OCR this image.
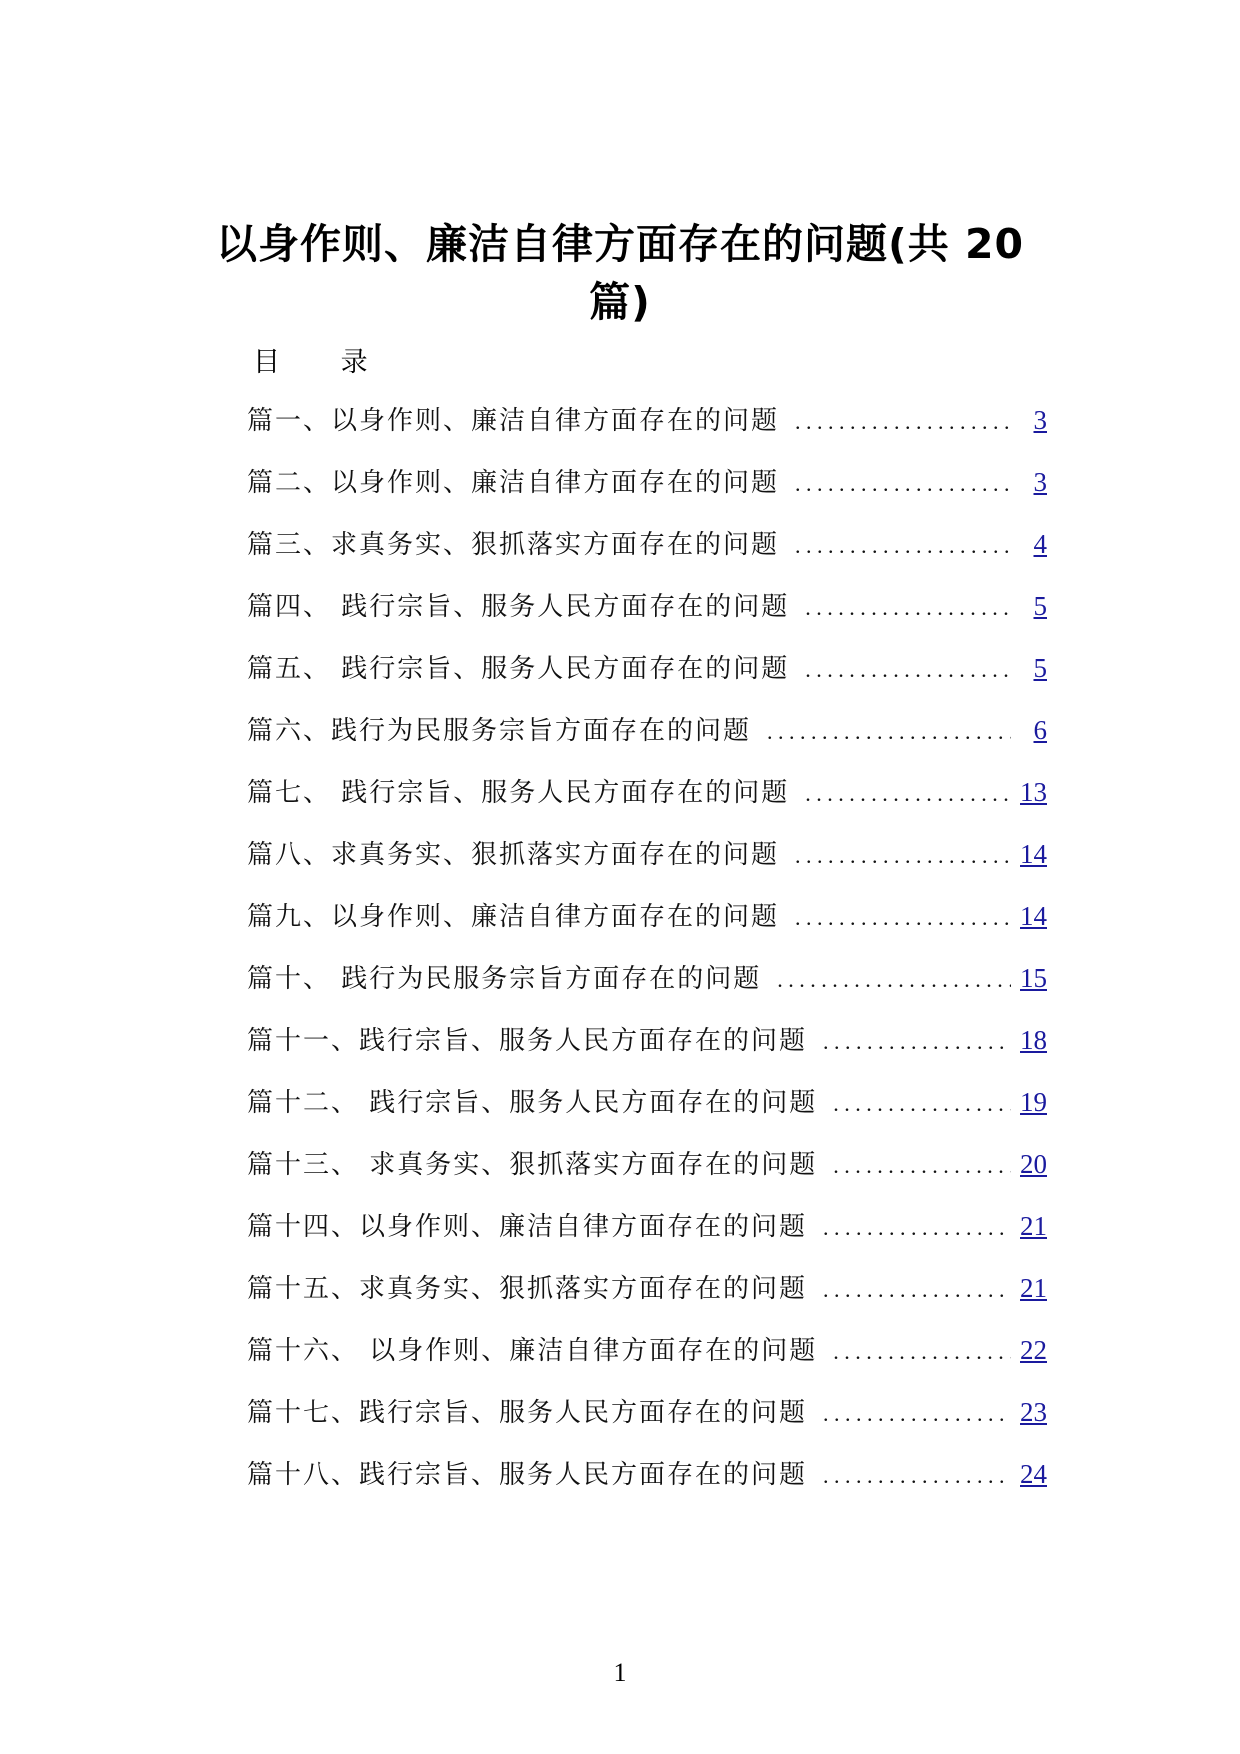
以身作则、廉洁自律方面存在的问题(共 20 篇)
目 录
篇一、以身作则、廉洁自律方面存在的问题 . . .	3
篇二、以身作则、廉洁自律方面存在的问题 . . .	3
篇三、求真务实、狠抓落实方面存在的问题 . . .	4
篇四、 践行宗旨、服务人民方面存在的问题 . . .	5
篇五、 践行宗旨、服务人民方面存在的问题 . . .	5
篇六、践行为民服务宗旨方面存在的问题 . . .	6
篇七、 践行宗旨、服务人民方面存在的问题 . . .	13
篇八、求真务实、狠抓落实方面存在的问题 . . .	14
篇九、以身作则、廉洁自律方面存在的问题 . . .	14
篇十、 践行为民服务宗旨方面存在的问题 . . .	15
篇十一、践行宗旨、服务人民方面存在的问题 . . .	18
篇十二、 践行宗旨、服务人民方面存在的问题 . . .	19
篇十三、 求真务实、狠抓落实方面存在的问题 . . .	20
篇十四、以身作则、廉洁自律方面存在的问题 . . .	21
篇十五、求真务实、狠抓落实方面存在的问题 . . .	21
篇十六、 以身作则、廉洁自律方面存在的问题 . . .	22
篇十七、践行宗旨、服务人民方面存在的问题 . . .	23
篇十八、践行宗旨、服务人民方面存在的问题 . . .	24
1
